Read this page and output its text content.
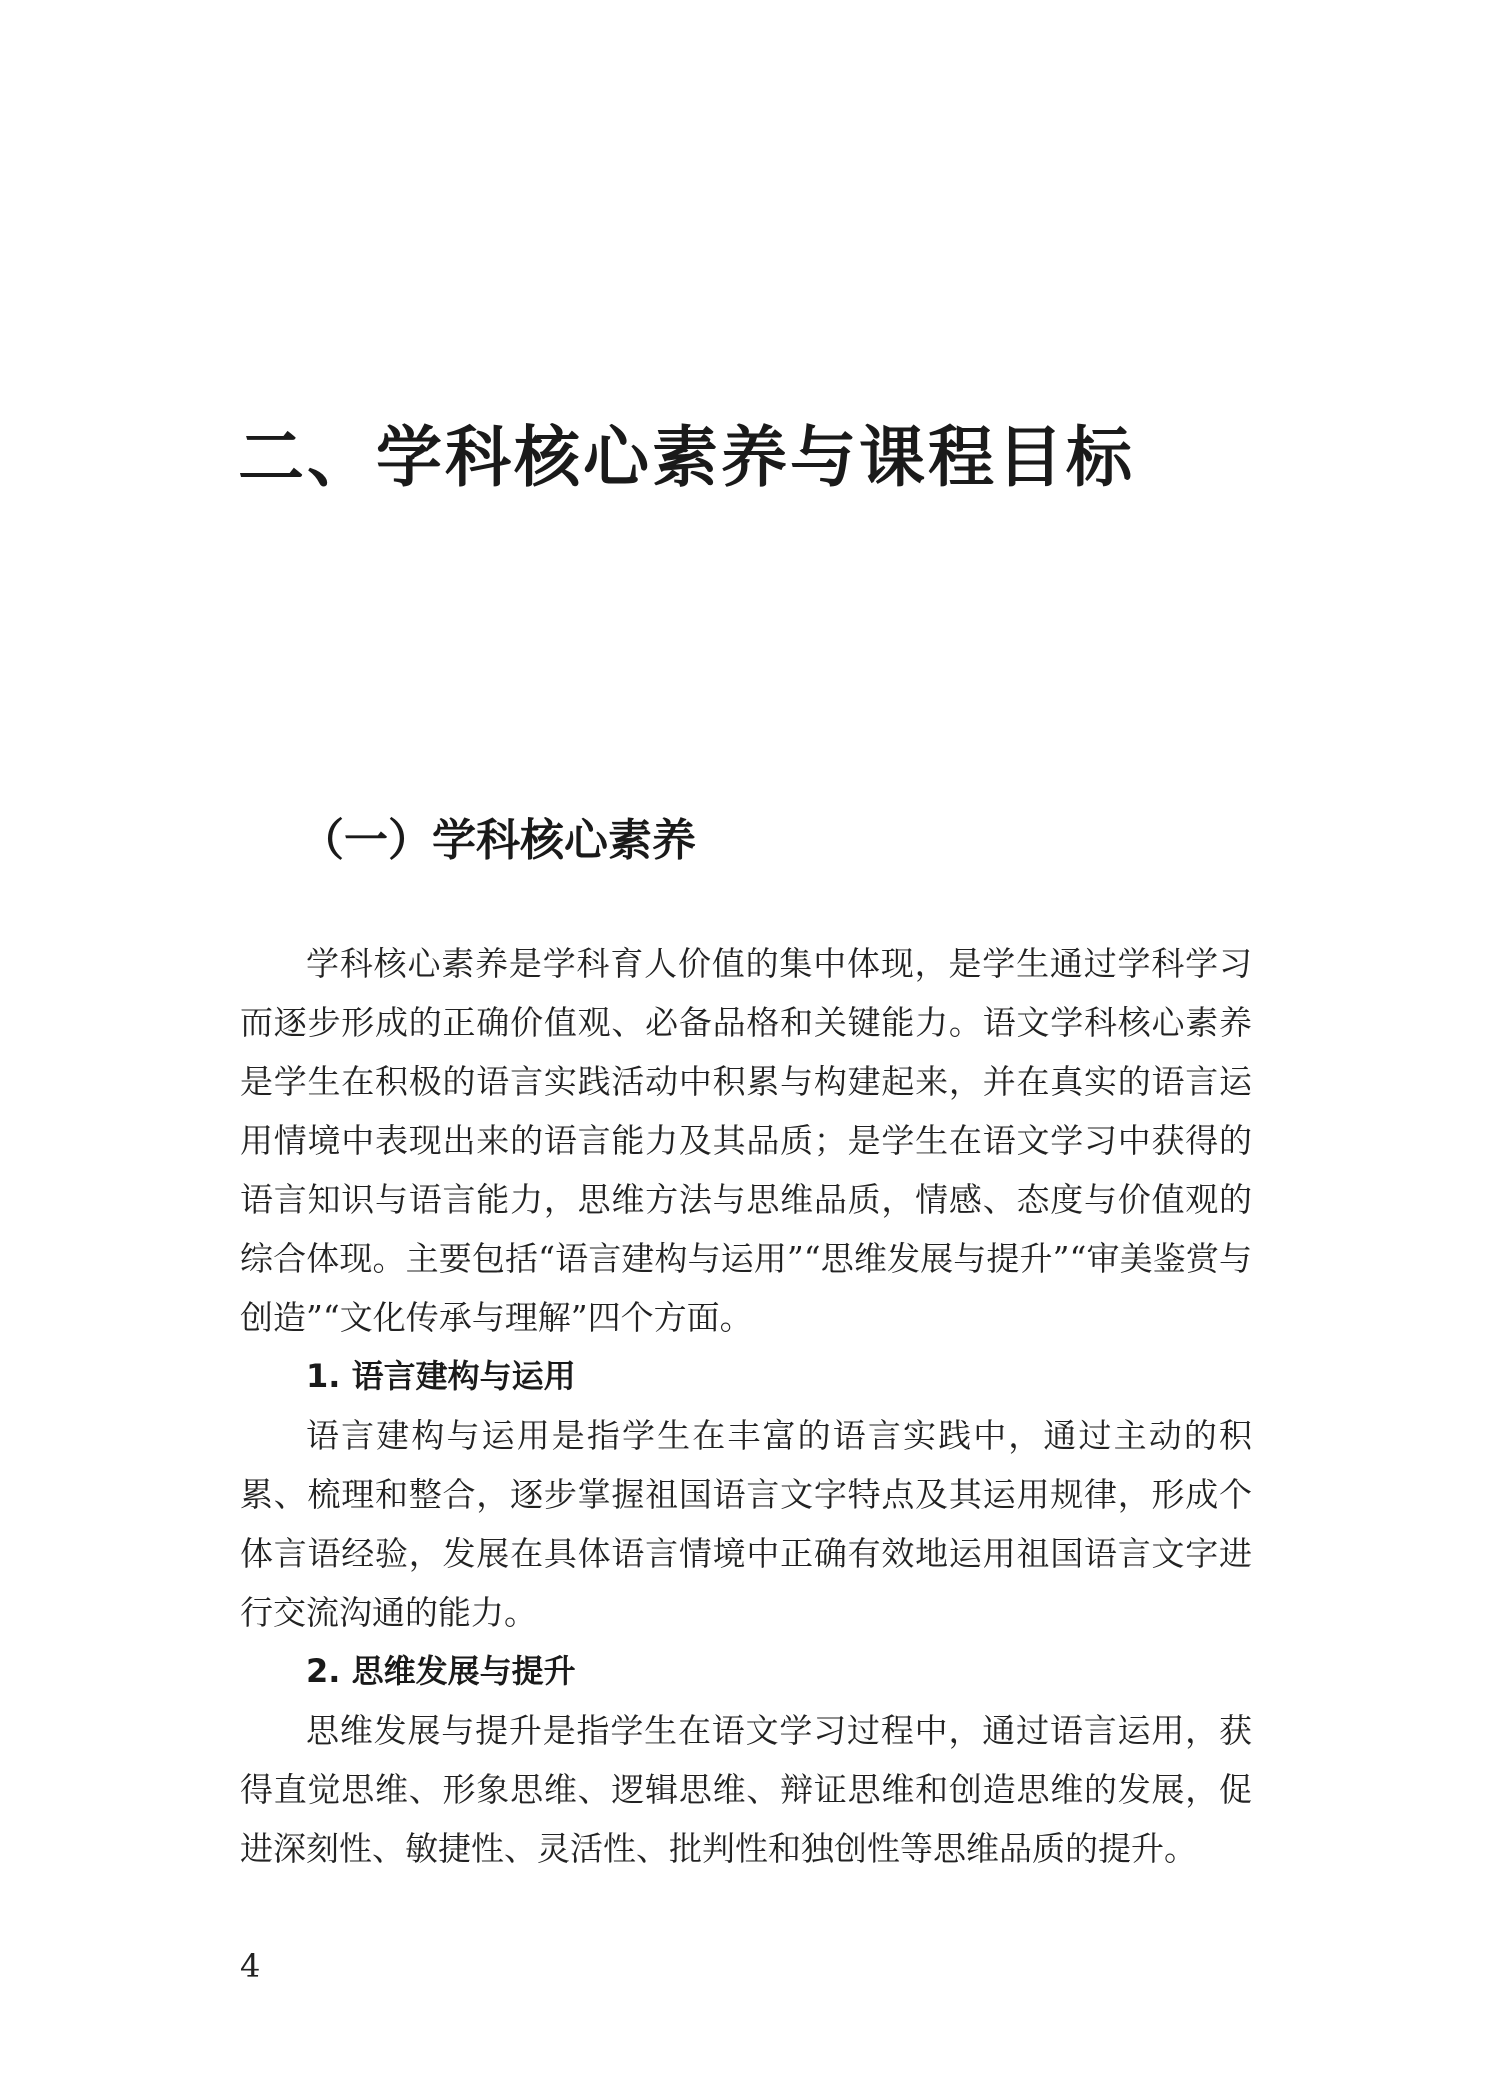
二、学科核心素养与课程目标
（一）学科核心素养

学科核心素养是学科育人价值的集中体现，是学生通过学科学习而逐步形成的正确价值观、必备品格和关键能力。语文学科核心素养是学生在积极的语言实践活动中积累与构建起来，并在真实的语言运用情境中表现出来的语言能力及其品质；是学生在语文学习中获得的语言知识与语言能力，思维方法与思维品质，情感、态度与价值观的综合体现。主要包括“语言建构与运用”“思维发展与提升”“审美鉴赏与创造”“文化传承与理解”四个方面。

1. 语言建构与运用

语言建构与运用是指学生在丰富的语言实践中，通过主动的积累、梳理和整合，逐步掌握祖国语言文字特点及其运用规律，形成个体言语经验，发展在具体语言情境中正确有效地运用祖国语言文字进行交流沟通的能力。

2. 思维发展与提升

思维发展与提升是指学生在语文学习过程中，通过语言运用，获得直觉思维、形象思维、逻辑思维、辩证思维和创造思维的发展，促进深刻性、敏捷性、灵活性、批判性和独创性等思维品质的提升。

4
